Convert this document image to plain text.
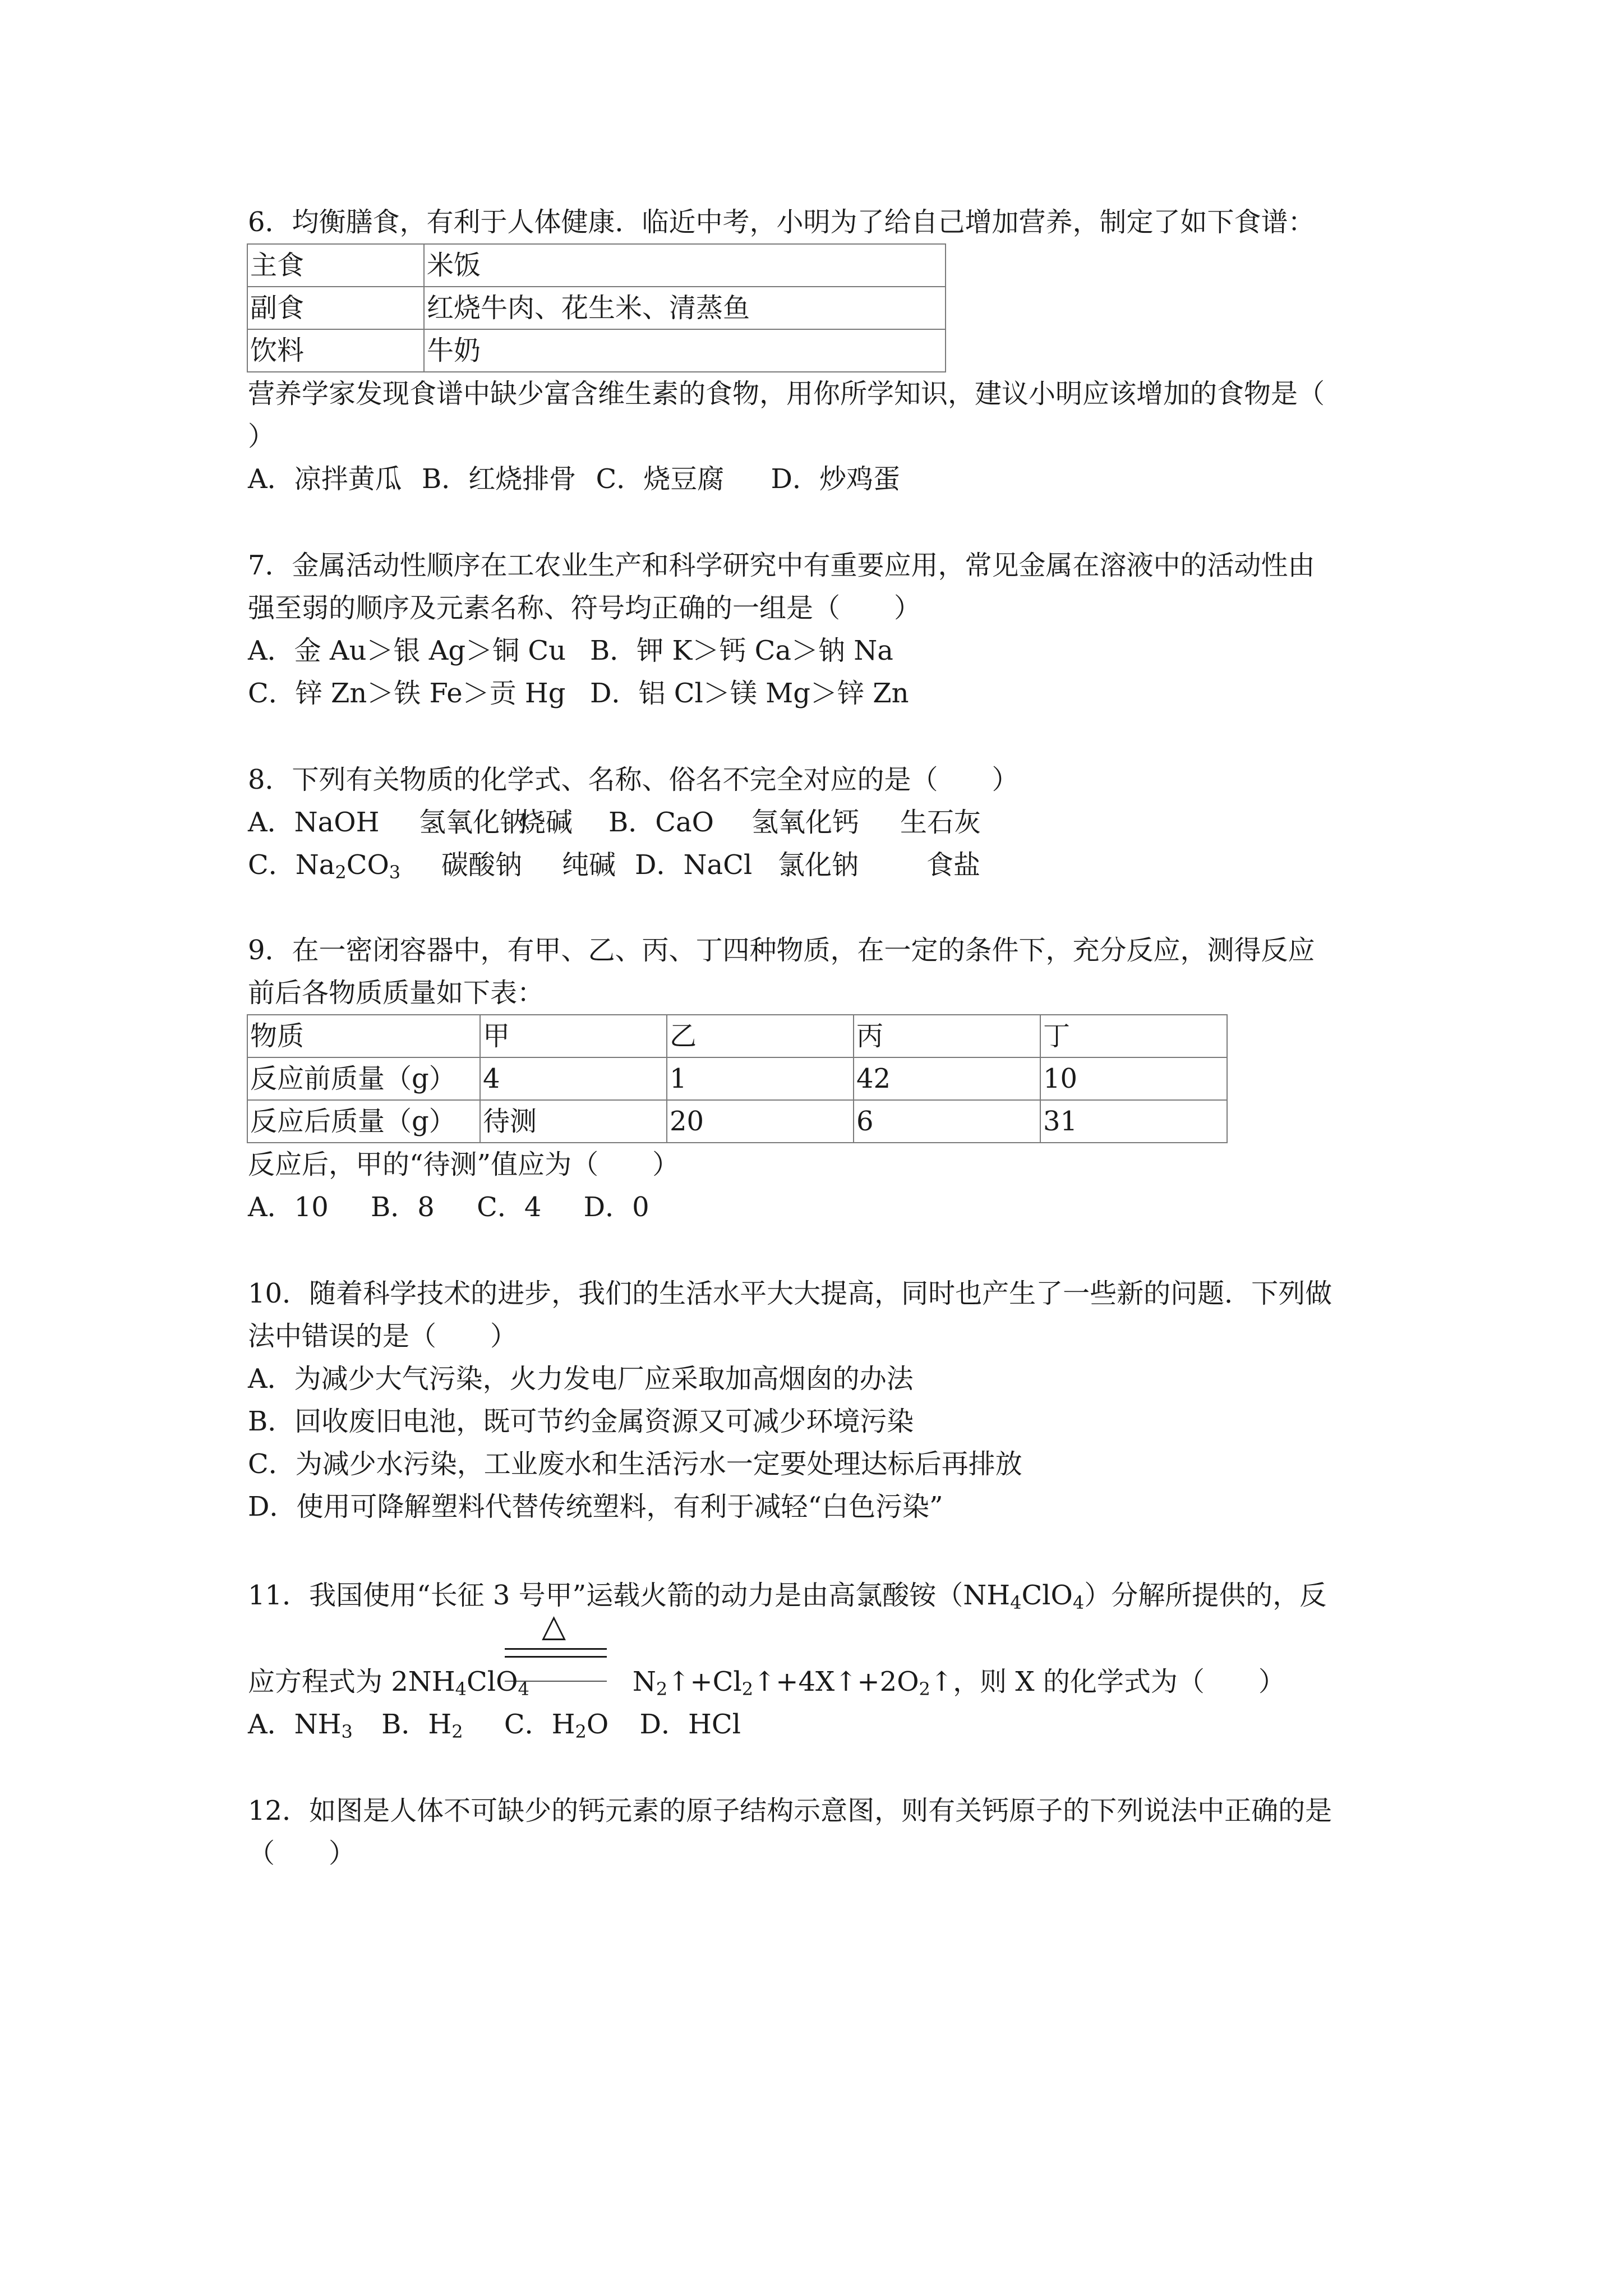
6．均衡膳食，有利于人体健康．临近中考，小明为了给自己增加营养，制定了如下食谱：
主食	米饭
副食	红烧牛肉、花生米、清蒸鱼
饮料	牛奶
营养学家发现食谱中缺少富含维生素的食物，用你所学知识，建议小明应该增加的食物是（
）
A．凉拌黄瓜 B．红烧排骨 C．烧豆腐 D．炒鸡蛋
7．金属活动性顺序在工农业生产和科学研究中有重要应用，常见金属在溶液中的活动性由
强至弱的顺序及元素名称、符号均正确的一组是（　　）
A．金 Au＞银 Ag＞铜 Cu B．钾 K＞钙 Ca＞钠 Na
C．锌 Zn＞铁 Fe＞贡 Hg D．铝 Cl＞镁 Mg＞锌 Zn
8．下列有关物质的化学式、名称、俗名不完全对应的是（　　）
A．NaOH 氢氧化钠烧碱 B．CaO 氢氧化钙 生石灰
C．$Na_2CO_3$ 碳酸钠 纯碱 D．NaCl 氯化钠	食盐
9．在一密闭容器中，有甲、乙、丙、丁四种物质，在一定的条件下，充分反应，测得反应
前后各物质质量如下表：
物质	甲	乙	丙	丁
反应前质量（g）	4	1	42	10
反应后质量（g）	待测	20	6	31
反应后，甲的“待测”值应为（　　）
A．10 B．8 C．4 D．0
10．随着科学技术的进步，我们的生活水平大大提高，同时也产生了一些新的问题．下列做
法中错误的是（　　）
A．为减少大气污染，火力发电厂应采取加高烟囱的办法
B．回收废旧电池，既可节约金属资源又可减少环境污染
C．为减少水污染，工业废水和生活污水一定要处理达标后再排放
D．使用可降解塑料代替传统塑料，有利于减轻“白色污染”
11．我国使用“长征 3 号甲”运载火箭的动力是由高氯酸铵$(NH_4ClO_4)$分解所提供的，反
△
应方程式为 $2NH_4ClO_4$	$N_2↑+Cl_2↑+4X↑+2O_2↑$，则 X 的化学式为（　　）
A．$NH_3$ B．$H_2$ C．$H_2O$ D．HCl
12．如图是人体不可缺少的钙元素的原子结构示意图，则有关钙原子的下列说法中正确的是
（　　）
